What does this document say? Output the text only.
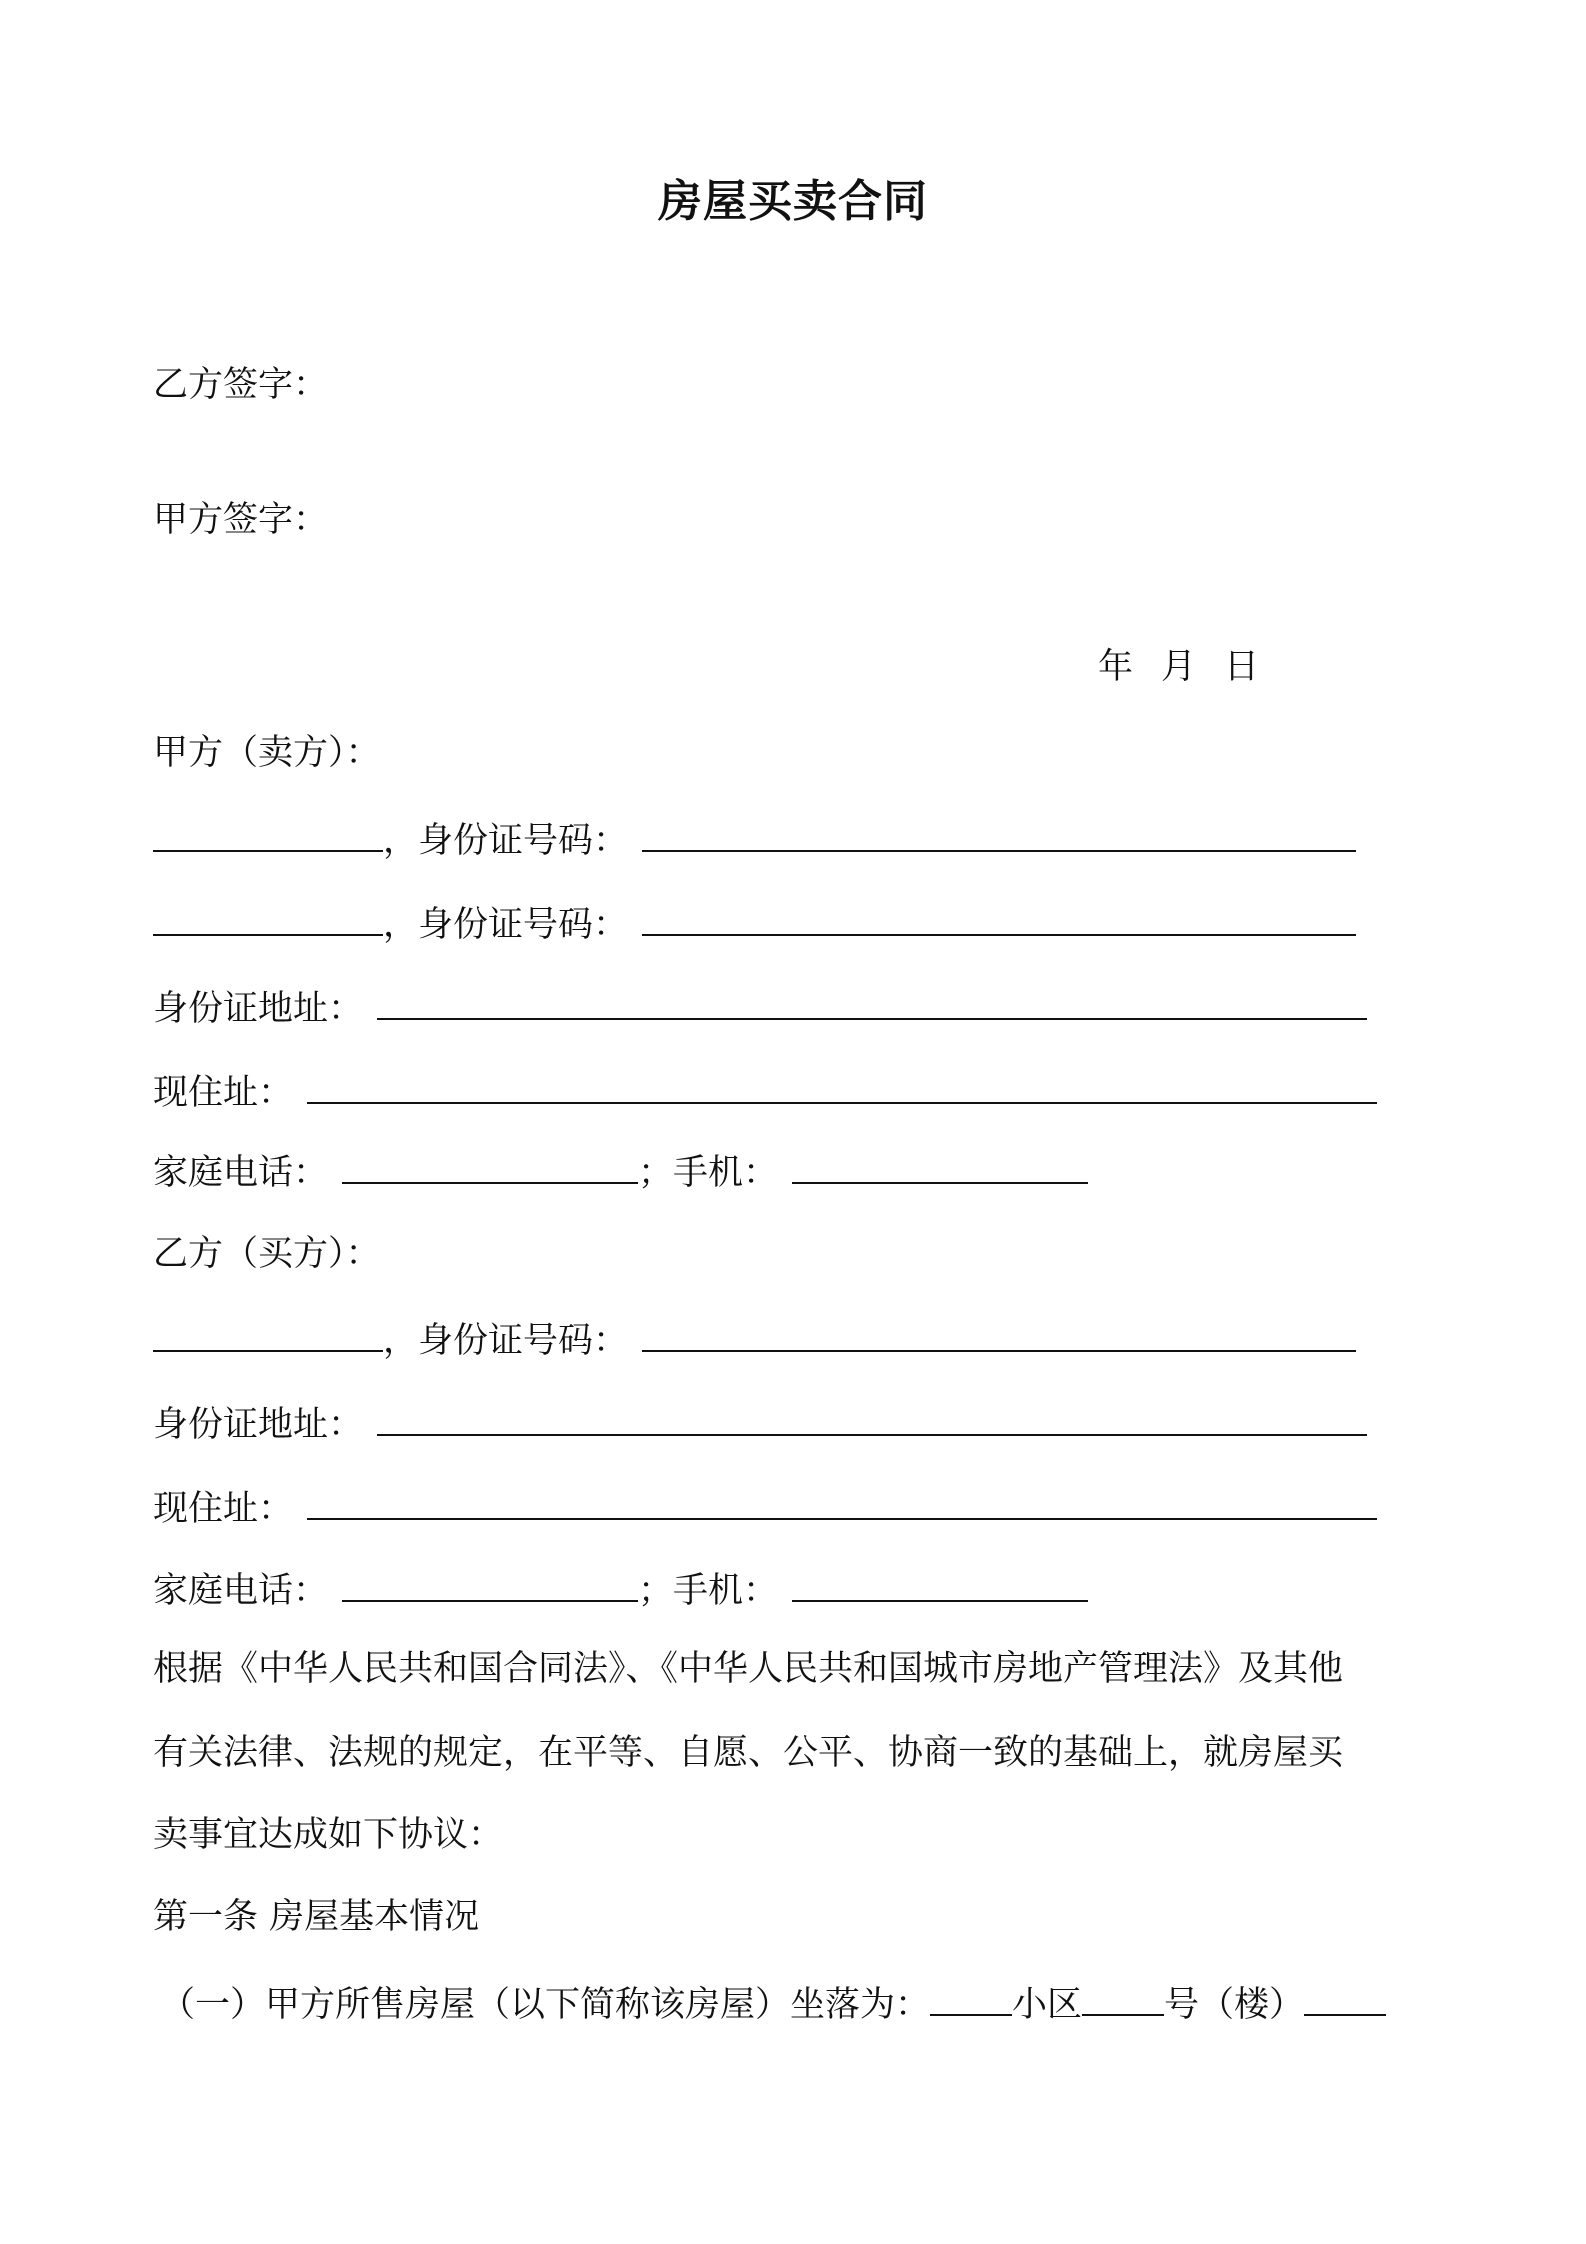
房屋买卖合同
乙方签字：
甲方签字：
年 月 日
甲方（卖方）：
，身份证号码：
，身份证号码：
身份证地址：
现住址：
家庭电话：	；手机：
乙方（买方）：
，身份证号码：
身份证地址：
现住址：
家庭电话：	；手机：
根据《中华人民共和国合同法》、《中华人民共和国城市房地产管理法》及其他
有关法律、法规的规定，在平等、自愿、公平、协商一致的基础上，就房屋买
卖事宜达成如下协议：
第一条 房屋基本情况
（一）甲方所售房屋（以下简称该房屋）坐落为： 小区 号（楼）
